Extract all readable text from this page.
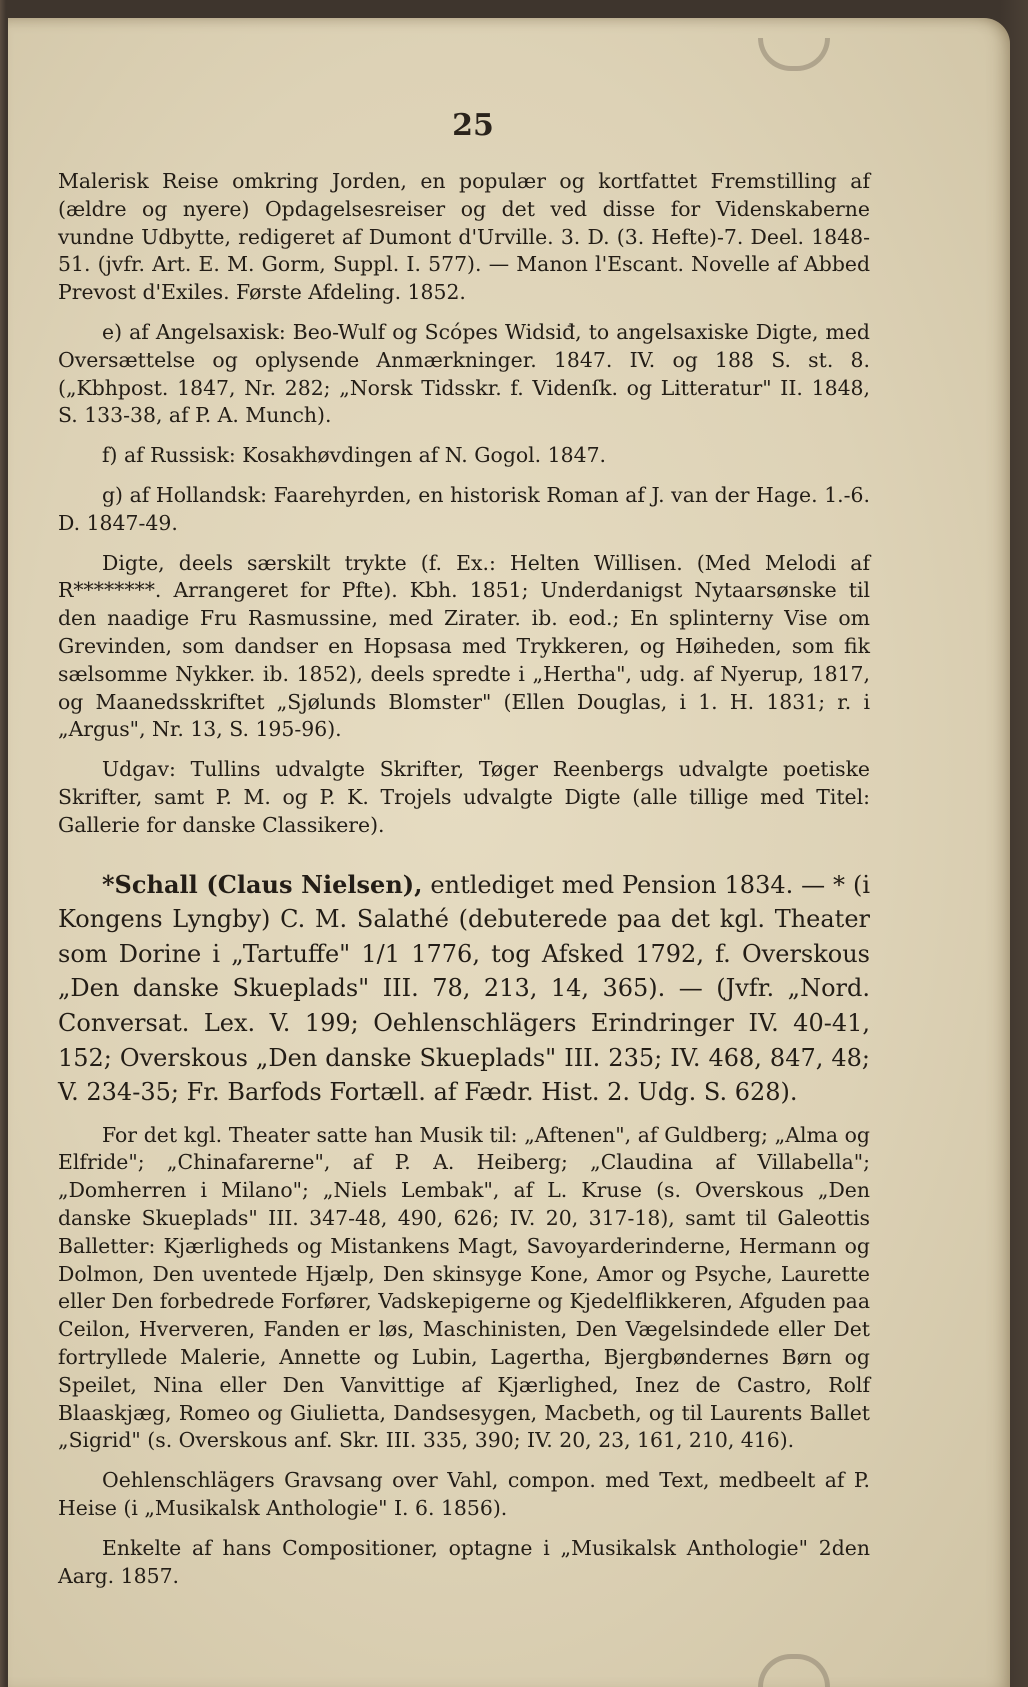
25

Malerisk Reise omkring Jorden, en populær og kortfattet Fremstilling af (ældre og nyere) Opdagelsesreiser og det ved disse for Videnskaberne vundne Udbytte, redigeret af Dumont d'Urville. 3. D. (3. Hefte)-7. Deel. 1848-51. (jvfr. Art. E. M. Gorm, Suppl. I. 577). — Manon l'Escant. Novelle af Abbed Prevost d'Exiles. Første Afdeling. 1852.

e) af Angelsaxisk: Beo-Wulf og Scópes Widsiđ, to angelsaxiske Digte, med Oversættelse og oplysende Anmærkninger. 1847. IV. og 188 S. st. 8. („Kbhpost. 1847, Nr. 282; „Norsk Tidsskr. f. Videnſk. og Litteratur" II. 1848, S. 133-38, af P. A. Munch).

f) af Russisk: Kosakhøvdingen af N. Gogol. 1847.

g) af Hollandsk: Faarehyrden, en historisk Roman af J. van der Hage. 1.-6. D. 1847-49.

Digte, deels særskilt trykte (f. Ex.: Helten Willisen. (Med Melodi af R********. Arrangeret for Pfte). Kbh. 1851; Underdanigst Nytaarsønske til den naadige Fru Rasmussine, med Zirater. ib. eod.; En splinterny Vise om Grevinden, som dandser en Hopsasa med Trykkeren, og Høiheden, som fik sælsomme Nykker. ib. 1852), deels spredte i „Hertha", udg. af Nyerup, 1817, og Maanedsskriftet „Sjølunds Blomster" (Ellen Douglas, i 1. H. 1831; r. i „Argus", Nr. 13, S. 195-96).

Udgav: Tullins udvalgte Skrifter, Tøger Reenbergs udvalgte poetiske Skrifter, samt P. M. og P. K. Trojels udvalgte Digte (alle tillige med Titel: Gallerie for danske Classikere).

*Schall (Claus Nielsen), entlediget med Pension 1834. — * (i Kongens Lyngby) C. M. Salathé (debuterede paa det kgl. Theater som Dorine i „Tartuffe" 1/1 1776, tog Afsked 1792, f. Overskous „Den danske Skueplads" III. 78, 213, 14, 365). — (Jvfr. „Nord. Conversat. Lex. V. 199; Oehlenschlägers Erindringer IV. 40-41, 152; Overskous „Den danske Skueplads" III. 235; IV. 468, 847, 48; V. 234-35; Fr. Barfods Fortæll. af Fædr. Hist. 2. Udg. S. 628).

For det kgl. Theater satte han Musik til: „Aftenen", af Guldberg; „Alma og Elfride"; „Chinafarerne", af P. A. Heiberg; „Claudina af Villabella"; „Domherren i Milano"; „Niels Lembak", af L. Kruse (s. Overskous „Den danske Skueplads" III. 347-48, 490, 626; IV. 20, 317-18), samt til Galeottis Balletter: Kjærligheds og Mistankens Magt, Savoyarderinderne, Hermann og Dolmon, Den uventede Hjælp, Den skinsyge Kone, Amor og Psyche, Laurette eller Den forbedrede Forfører, Vadskepigerne og Kjedelflikkeren, Afguden paa Ceilon, Hververen, Fanden er løs, Maschinisten, Den Vægelsindede eller Det fortryllede Malerie, Annette og Lubin, Lagertha, Bjergbøndernes Børn og Speilet, Nina eller Den Vanvittige af Kjærlighed, Inez de Castro, Rolf Blaaskjæg, Romeo og Giulietta, Dandsesygen, Macbeth, og til Laurents Ballet „Sigrid" (s. Overskous anf. Skr. III. 335, 390; IV. 20, 23, 161, 210, 416).

Oehlenschlägers Gravsang over Vahl, compon. med Text, medbeelt af P. Heise (i „Musikalsk Anthologie" I. 6. 1856).

Enkelte af hans Compositioner, optagne i „Musikalsk Anthologie" 2den Aarg. 1857.
